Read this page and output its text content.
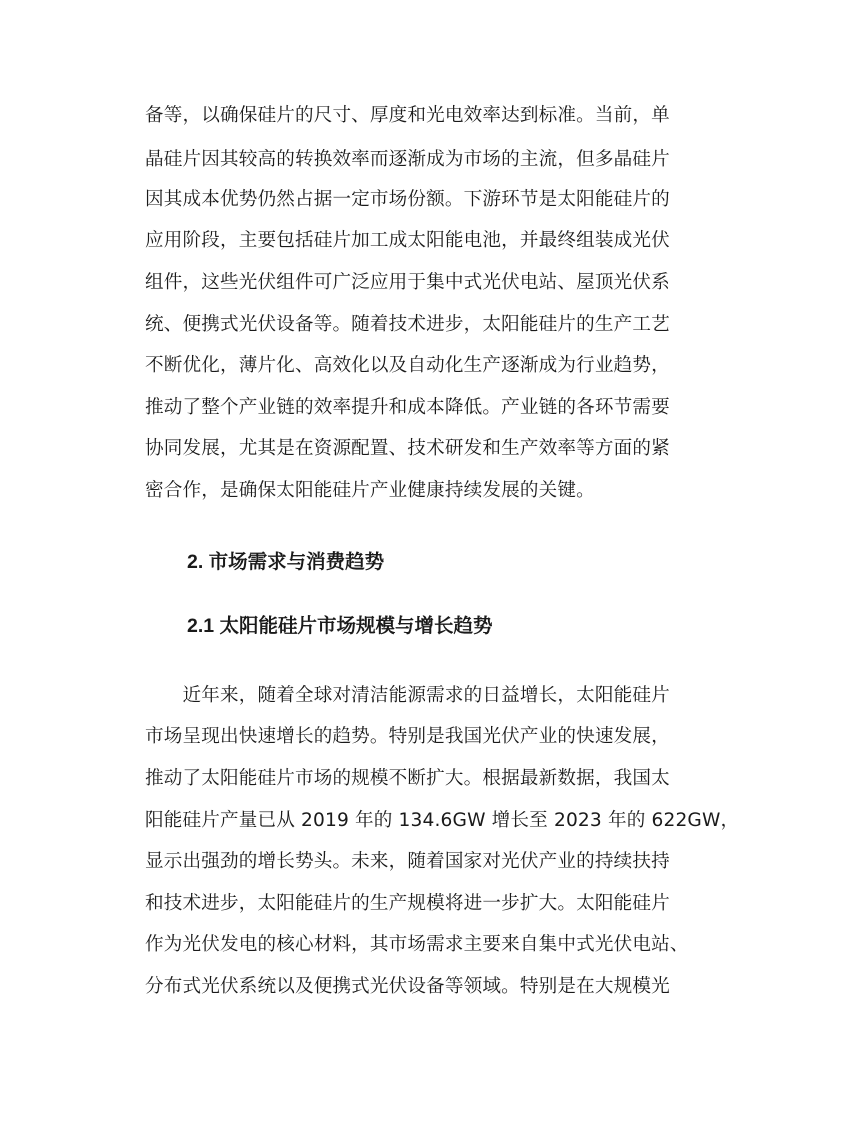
备等，以确保硅片的尺寸、厚度和光电效率达到标准。当前，单
晶硅片因其较高的转换效率而逐渐成为市场的主流，但多晶硅片
因其成本优势仍然占据一定市场份额。下游环节是太阳能硅片的
应用阶段，主要包括硅片加工成太阳能电池，并最终组装成光伏
组件，这些光伏组件可广泛应用于集中式光伏电站、屋顶光伏系
统、便携式光伏设备等。随着技术进步，太阳能硅片的生产工艺
不断优化，薄片化、高效化以及自动化生产逐渐成为行业趋势，
推动了整个产业链的效率提升和成本降低。产业链的各环节需要
协同发展，尤其是在资源配置、技术研发和生产效率等方面的紧
密合作，是确保太阳能硅片产业健康持续发展的关键。
2. 市场需求与消费趋势
2.1 太阳能硅片市场规模与增长趋势
　　近年来，随着全球对清洁能源需求的日益增长，太阳能硅片
市场呈现出快速增长的趋势。特别是我国光伏产业的快速发展，
推动了太阳能硅片市场的规模不断扩大。根据最新数据，我国太
阳能硅片产量已从 2019 年的 134.6GW 增长至 2023 年的 622GW，
显示出强劲的增长势头。未来，随着国家对光伏产业的持续扶持
和技术进步，太阳能硅片的生产规模将进一步扩大。太阳能硅片
作为光伏发电的核心材料，其市场需求主要来自集中式光伏电站、
分布式光伏系统以及便携式光伏设备等领域。特别是在大规模光
